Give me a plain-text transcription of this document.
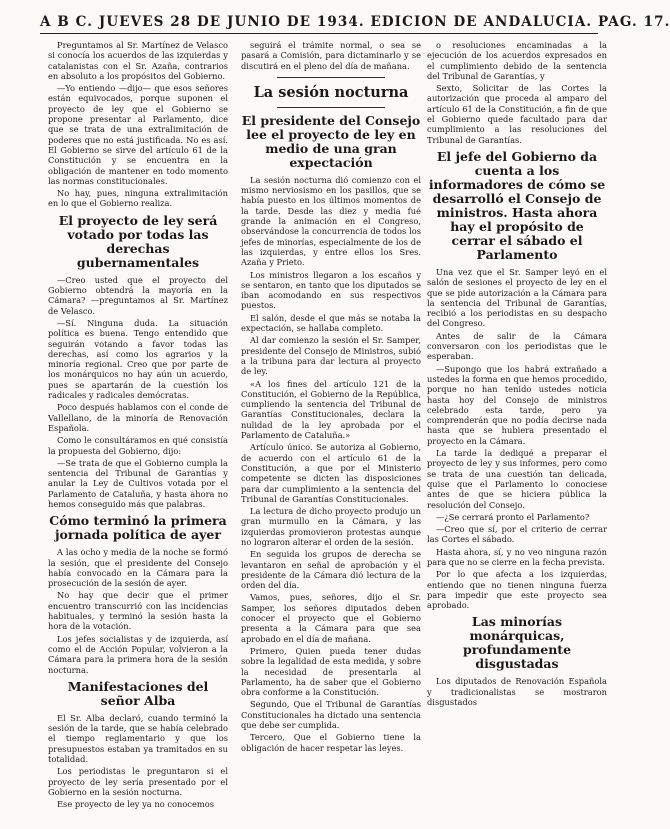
A B C. JUEVES 28 DE JUNIO DE 1934. EDICION DE ANDALUCIA. PAG. 17.

Preguntamos al Sr. Martínez de Velasco si conocía los acuerdos de las izquierdas y catalanistas con el Sr. Azaña, contrarios en absoluto a los propósitos del Gobierno.

—Yo entiendo —dijo— que esos señores están equivocados, porque suponen el proyecto de ley que el Gobierno se propone presentar al Parlamento, dice que se trata de una extralimitación de poderes que no está justificada. No es así. El Gobierno se sirve del artículo 61 de la Constitución y se encuentra en la obligación de mantener en todo momento las normas constitucionales.

No hay, pues, ninguna extralimitación en lo que el Gobierno realiza.

El proyecto de ley será votado por todas las derechas gubernamentales

—Creo usted que el proyecto del Gobierno obtendrá la mayoría en la Cámara? —preguntamos al Sr. Martínez de Velasco.

—Sí. Ninguna duda. La situación política es buena. Tengo entendido que seguirán votando a favor todas las derechas, así como los agrarios y la minoría regional. Creo que por parte de los monárquicos no hay aún un acuerdo, pues se apartarán de la cuestión los radicales y radicales demócratas.

Poco después hablamos con el conde de Vallellano, de la minoría de Renovación Española.

Como le consultáramos en qué consistía la propuesta del Gobierno, dijo:

—Se trata de que el Gobierno cumpla la sentencia del Tribunal de Garantías y anular la Ley de Cultivos votada por el Parlamento de Cataluña, y hasta ahora no hemos conseguido más que palabras.

Cómo terminó la primera jornada política de ayer

A las ocho y media de la noche se formó la sesión, que el presidente del Consejo había convocado en la Cámara para la prosecución de la sesión de ayer.

No hay que decir que el primer encuentro transcurrió con las incidencias habituales, y terminó la sesión hasta la hora de la votación.

Los jefes socialistas y de izquierda, así como el de Acción Popular, volvieron a la Cámara para la primera hora de la sesión nocturna.

Manifestaciones del señor Alba

El Sr. Alba declaró, cuando terminó la sesión de la tarde, que se había celebrado el tiempo reglamentario y que los presupuestos estaban ya tramitados en su totalidad.

Los periodistas le preguntaron si el proyecto de ley sería presentado por el Gobierno en la sesión nocturna.

Ese proyecto de ley ya no conocemos

seguirá el trámite normal, o sea se pasará a Comisión, para dictaminarlo y se discutirá en el pleno del día de mañana.

La sesión nocturna
El presidente del Consejo lee el proyecto de ley en medio de una gran expectación

La sesión nocturna dió comienzo con el mismo nerviosismo en los pasillos, que se había puesto en los últimos momentos de la tarde. Desde las diez y media fué grande la animación en el Congreso, observándose la concurrencia de todos los jefes de minorías, especialmente de los de las izquierdas, y entre ellos los Sres. Azaña y Prieto.

Los ministros llegaron a los escaños y se sentaron, en tanto que los diputados se iban acomodando en sus respectivos puestos.

El salón, desde el que más se notaba la expectación, se hallaba completo.

Al dar comienzo la sesión el Sr. Samper, presidente del Consejo de Ministros, subió a la tribuna para dar lectura al proyecto de ley.

«A los fines del artículo 121 de la Constitución, el Gobierno de la República, cumpliendo la sentencia del Tribunal de Garantías Constitucionales, declara la nulidad de la ley aprobada por el Parlamento de Cataluña.»

Artículo único. Se autoriza al Gobierno, de acuerdo con el artículo 61 de la Constitución, a que por el Ministerio competente se dicten las disposiciones para dar cumplimiento a la sentencia del Tribunal de Garantías Constitucionales.

La lectura de dicho proyecto produjo un gran murmullo en la Cámara, y las izquierdas promovieron protestas aunque no lograron alterar el orden de la sesión.

En seguida los grupos de derecha se levantaron en señal de aprobación y el presidente de la Cámara dió lectura de la orden del día.

Vamos, pues, señores, dijo el Sr. Samper, los señores diputados deben conocer el proyecto que el Gobierno presenta a la Cámara para que sea aprobado en el día de mañana.

Primero, Quien pueda tener dudas sobre la legalidad de esta medida, y sobre la necesidad de presentarla al Parlamento, ha de saber que el Gobierno obra conforme a la Constitución.

Segundo, Que el Tribunal de Garantías Constitucionales ha dictado una sentencia que debe ser cumplida.

Tercero, Que el Gobierno tiene la obligación de hacer respetar las leyes.

o resoluciones encaminadas a la ejecución de los acuerdos expresados en el cumplimiento debido de la sentencia del Tribunal de Garantías, y

Sexto, Solicitar de las Cortes la autorización que proceda al amparo del artículo 61 de la Constitución, a fin de que el Gobierno quede facultado para dar cumplimiento a las resoluciones del Tribunal de Garantías.

El jefe del Gobierno da cuenta a los informadores de cómo se desarrolló el Consejo de ministros. Hasta ahora hay el propósito de cerrar el sábado el Parlamento

Una vez que el Sr. Samper leyó en el salón de sesiones el proyecto de ley en el que se pide autorización a la Cámara para la sentencia del Tribunal de Garantías, recibió a los periodistas en su despacho del Congreso.

Antes de salir de la Cámara conversaron con los periodistas que le esperaban.

—Supongo que los habrá extrañado a ustedes la forma en que hemos procedido, porque no han tenido ustedes noticia hasta hoy del Consejo de ministros celebrado esta tarde, pero ya comprenderán que no podía decirse nada hasta que se hubiera presentado el proyecto en la Cámara.

La tarde la dediqué a preparar el proyecto de ley y sus informes, pero como se trata de una cuestión tan delicada, quise que el Parlamento lo conociese antes de que se hiciera pública la resolución del Consejo.

—¿Se cerrará pronto el Parlamento?

—Creo que sí, por el criterio de cerrar las Cortes el sábado.

Hasta ahora, sí, y no veo ninguna razón para que no se cierre en la fecha prevista.

Por lo que afecta a los izquierdas, entiendo que no tienen ninguna fuerza para impedir que este proyecto sea aprobado.

Las minorías monárquicas, profundamente disgustadas

Los diputados de Renovación Española y tradicionalistas se mostraron disgustados
